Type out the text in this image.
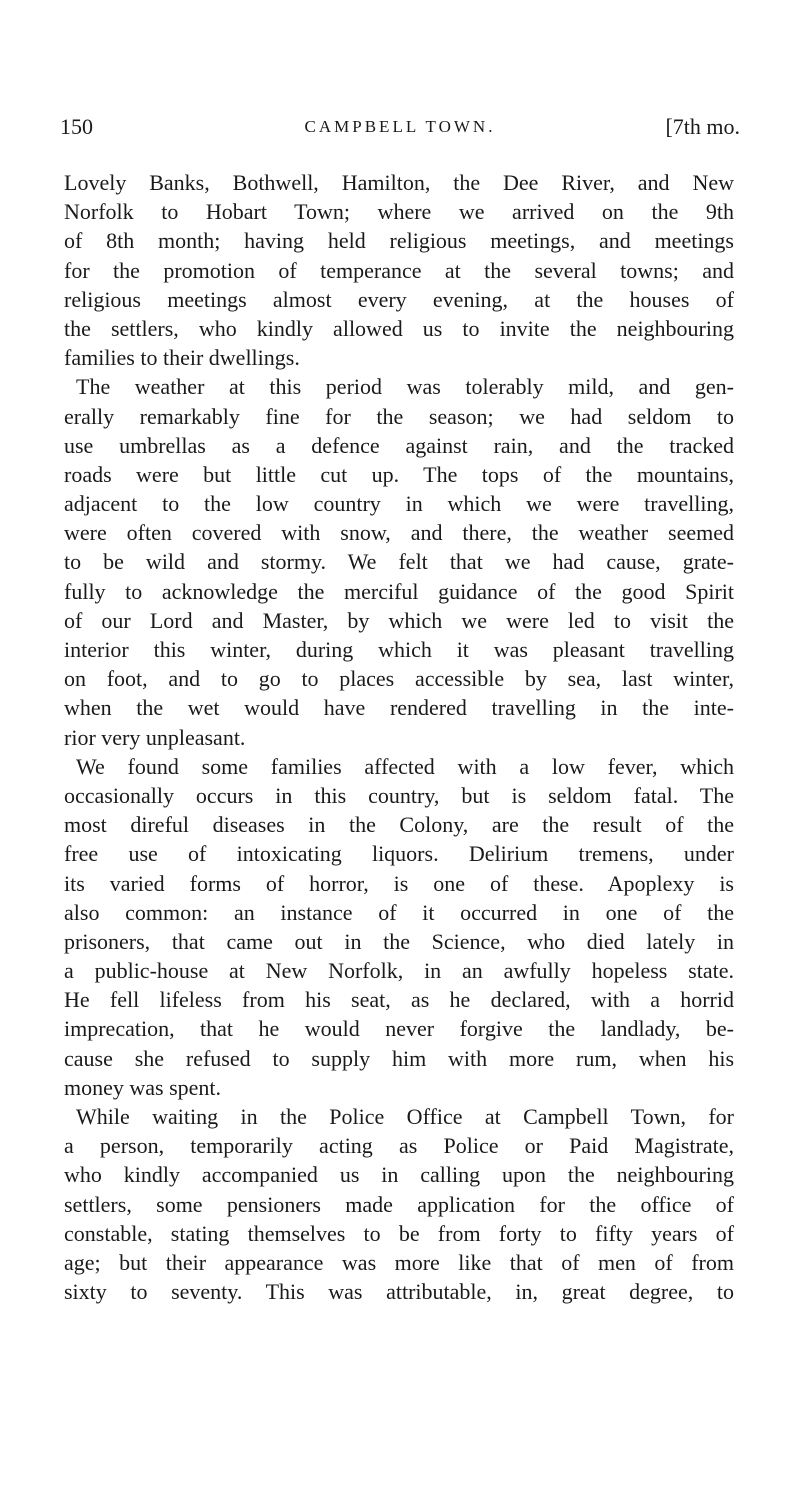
150	CAMPBELL TOWN.	[7th mo.
Lovely Banks, Bothwell, Hamilton, the Dee River, and New
Norfolk to Hobart Town; where we arrived on the 9th
of 8th month; having held religious meetings, and meetings
for the promotion of temperance at the several towns; and
religious meetings almost every evening, at the houses of
the settlers, who kindly allowed us to invite the neighbouring
families to their dwellings.
The weather at this period was tolerably mild, and gen-
erally remarkably fine for the season; we had seldom to
use umbrellas as a defence against rain, and the tracked
roads were but little cut up. The tops of the mountains,
adjacent to the low country in which we were travelling,
were often covered with snow, and there, the weather seemed
to be wild and stormy. We felt that we had cause, grate-
fully to acknowledge the merciful guidance of the good Spirit
of our Lord and Master, by which we were led to visit the
interior this winter, during which it was pleasant travelling
on foot, and to go to places accessible by sea, last winter,
when the wet would have rendered travelling in the inte-
rior very unpleasant.
We found some families affected with a low fever, which
occasionally occurs in this country, but is seldom fatal. The
most direful diseases in the Colony, are the result of the
free use of intoxicating liquors. Delirium tremens, under
its varied forms of horror, is one of these. Apoplexy is
also common: an instance of it occurred in one of the
prisoners, that came out in the Science, who died lately in
a public-house at New Norfolk, in an awfully hopeless state.
He fell lifeless from his seat, as he declared, with a horrid
imprecation, that he would never forgive the landlady, be-
cause she refused to supply him with more rum, when his
money was spent.
While waiting in the Police Office at Campbell Town, for
a person, temporarily acting as Police or Paid Magistrate,
who kindly accompanied us in calling upon the neighbouring
settlers, some pensioners made application for the office of
constable, stating themselves to be from forty to fifty years of
age; but their appearance was more like that of men of from
sixty to seventy. This was attributable, in, great degree, to
